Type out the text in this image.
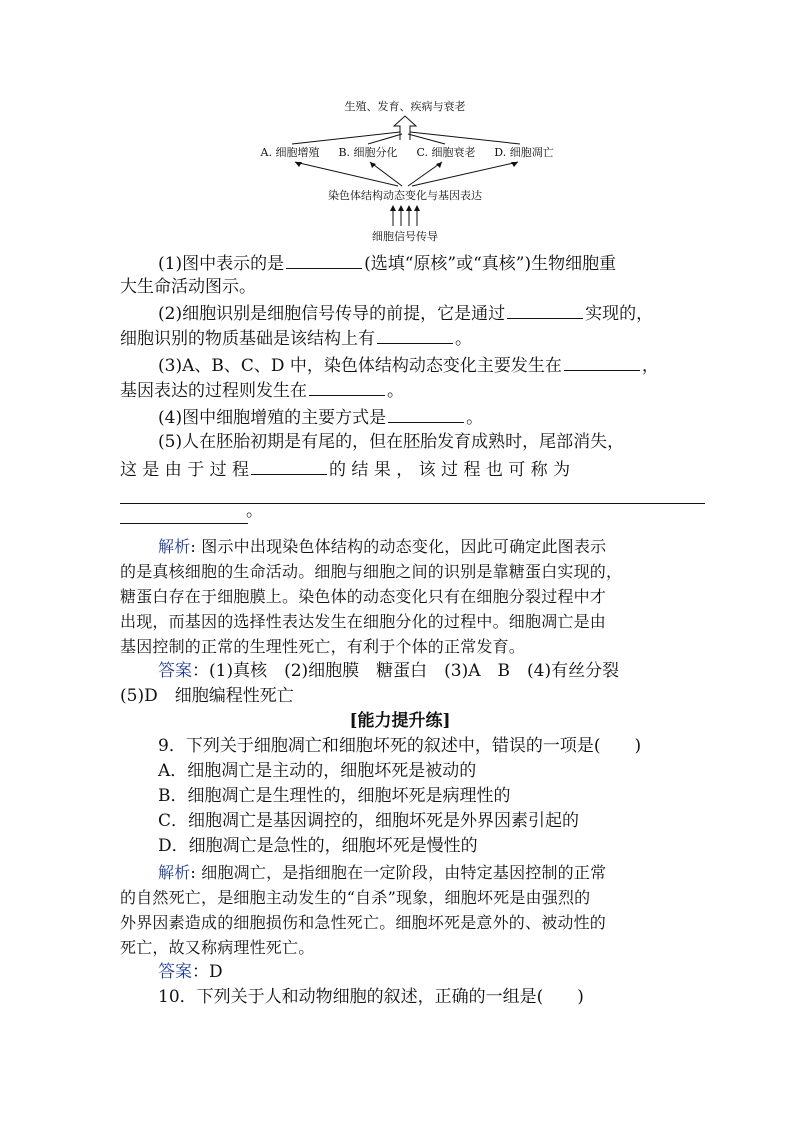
生殖、发育、疾病与衰老
A. 细胞增殖 B. 细胞分化 C. 细胞衰老 D. 细胞凋亡
染色体结构动态变化与基因表达
细胞信号传导
(1)图中表示的是	(选填“原核”或“真核”)生物细胞重
大生命活动图示。
(2)细胞识别是细胞信号传导的前提，它是通过	实现的，
细胞识别的物质基础是该结构上有	。
(3)A、B、C、D 中，染色体结构动态变化主要发生在	，
基因表达的过程则发生在	。
(4)图中细胞增殖的主要方式是	。
(5)人在胚胎初期是有尾的，但在胚胎发育成熟时，尾部消失，
这 是 由 于 过 程	的 结 果 ， 该 过 程 也 可 称 为
。
解析: 图示中出现染色体结构的动态变化，因此可确定此图表示
的是真核细胞的生命活动。细胞与细胞之间的识别是靠糖蛋白实现的，
糖蛋白存在于细胞膜上。染色体的动态变化只有在细胞分裂过程中才
出现，而基因的选择性表达发生在细胞分化的过程中。细胞凋亡是由
基因控制的正常的生理性死亡，有利于个体的正常发育。
答案：(1)真核　(2)细胞膜　糖蛋白　(3)A　B　(4)有丝分裂
(5)D　细胞编程性死亡
[能力提升练]
9．下列关于细胞凋亡和细胞坏死的叙述中，错误的一项是(　　)
A．细胞凋亡是主动的，细胞坏死是被动的
B．细胞凋亡是生理性的，细胞坏死是病理性的
C．细胞凋亡是基因调控的，细胞坏死是外界因素引起的
D．细胞凋亡是急性的，细胞坏死是慢性的
解析: 细胞凋亡，是指细胞在一定阶段，由特定基因控制的正常
的自然死亡，是细胞主动发生的“自杀”现象，细胞坏死是由强烈的
外界因素造成的细胞损伤和急性死亡。细胞坏死是意外的、被动性的
死亡，故又称病理性死亡。
答案：D
10．下列关于人和动物细胞的叙述，正确的一组是(　　)
